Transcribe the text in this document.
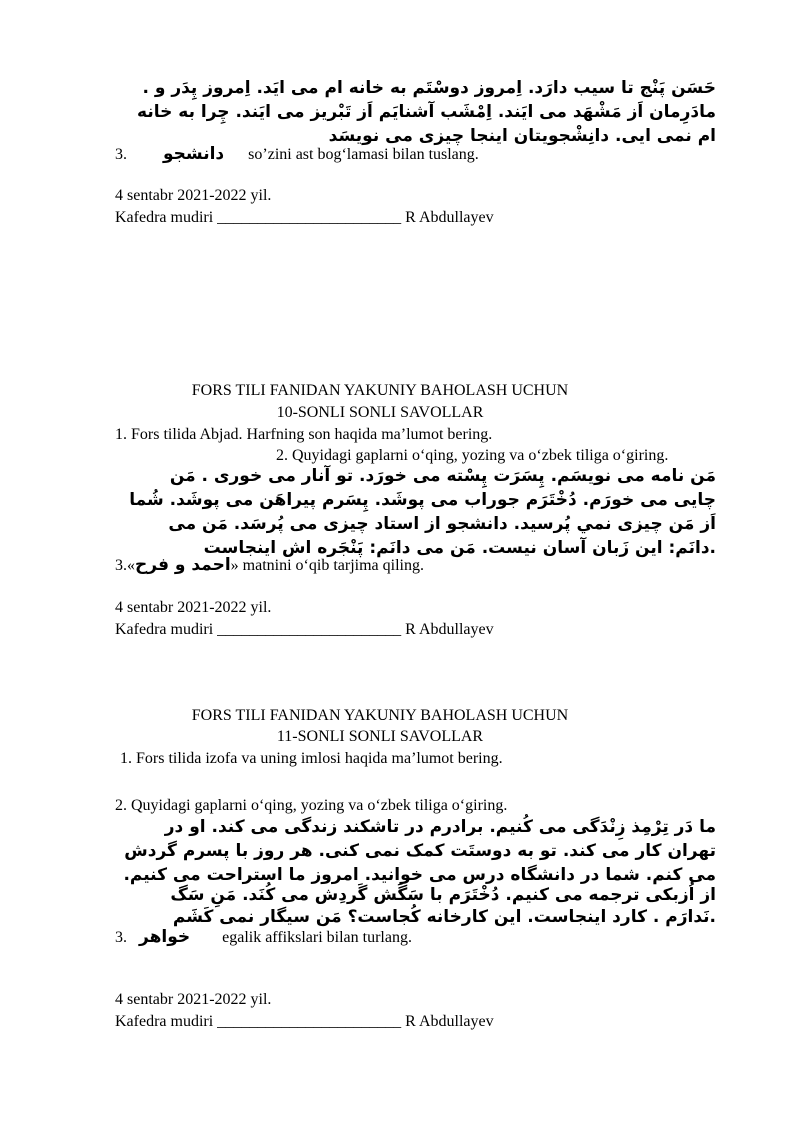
حَسَن پَنْج تا سیب دارَد. اِمروز دوسْتَم به خانه ام می ایَد. اِمروز پِدَر و .
مادَرِمان اَز مَشْهَد می ایَند. اِمْشَب آشنایَم اَز تَبْریز می ایَند. چِرا به خانه
ام نمی ایی. دانِشْجویتان اینجا چیزی می نویسَد
3. دانشجو so’zini ast bog‘lamasi bilan tuslang.
4 sentabr 2021-2022 yil.
Kafedra mudiri _______________________ R Abdullayev
FORS TILI FANIDAN YAKUNIY BAHOLASH UCHUN
10-SONLI SONLI SAVOLLAR
1. Fors tilida Abjad. Harfning son haqida ma’lumot bering.
2. Quyidagi gaplarni o‘qing, yozing va o‘zbek tiliga o‘giring.
مَن نامه می نویسَم. پِسَرَت پِسْته می خورَد. تو آنار می خوری . مَن
چایی می خورَم. دُخْتَرَم جوراب می پوشَد. پِسَرم پیراهَن می پوشَد. شُما
اَز مَن چیزی نمي پُرسید. دانشجو از استاد چیزی می پُرسَد. مَن می
.دانَم: این زَبان آسان نیست. مَن می دانَم: پَنْجَره اش اینجاست
3.«احمد و فرح» matnini o‘qib tarjima qiling.
4 sentabr 2021-2022 yil.
Kafedra mudiri _______________________ R Abdullayev
FORS TILI FANIDAN YAKUNIY BAHOLASH UCHUN
11-SONLI SONLI SAVOLLAR
1. Fors tilida izofa va uning imlosi haqida ma’lumot bering.
2. Quyidagi gaplarni o‘qing, yozing va o‘zbek tiliga o‘giring.
ما دَر تِرْمِذ زِنْدَگی می کُنیم. برادرم در تاشکند زندگی می کند. او در
تهران کار می کند. تو به دوستَت کمک نمی کنی. هر روز با پسرم گردش
می کنم. شما در دانشگاه درس می خوانید. امروز ما استراحت می کنیم.
از اُزبکی ترجمه می کنیم. دُخْتَرَم با سَگَش گَردِش می کُنَد. مَنِ سَگ
.نَدارَم . کارد اینجاست. این کارخانه کُجاست؟ مَن سیگار نمی کَشَم
3. خواهر egalik affikslari bilan turlang.
4 sentabr 2021-2022 yil.
Kafedra mudiri _______________________ R Abdullayev
